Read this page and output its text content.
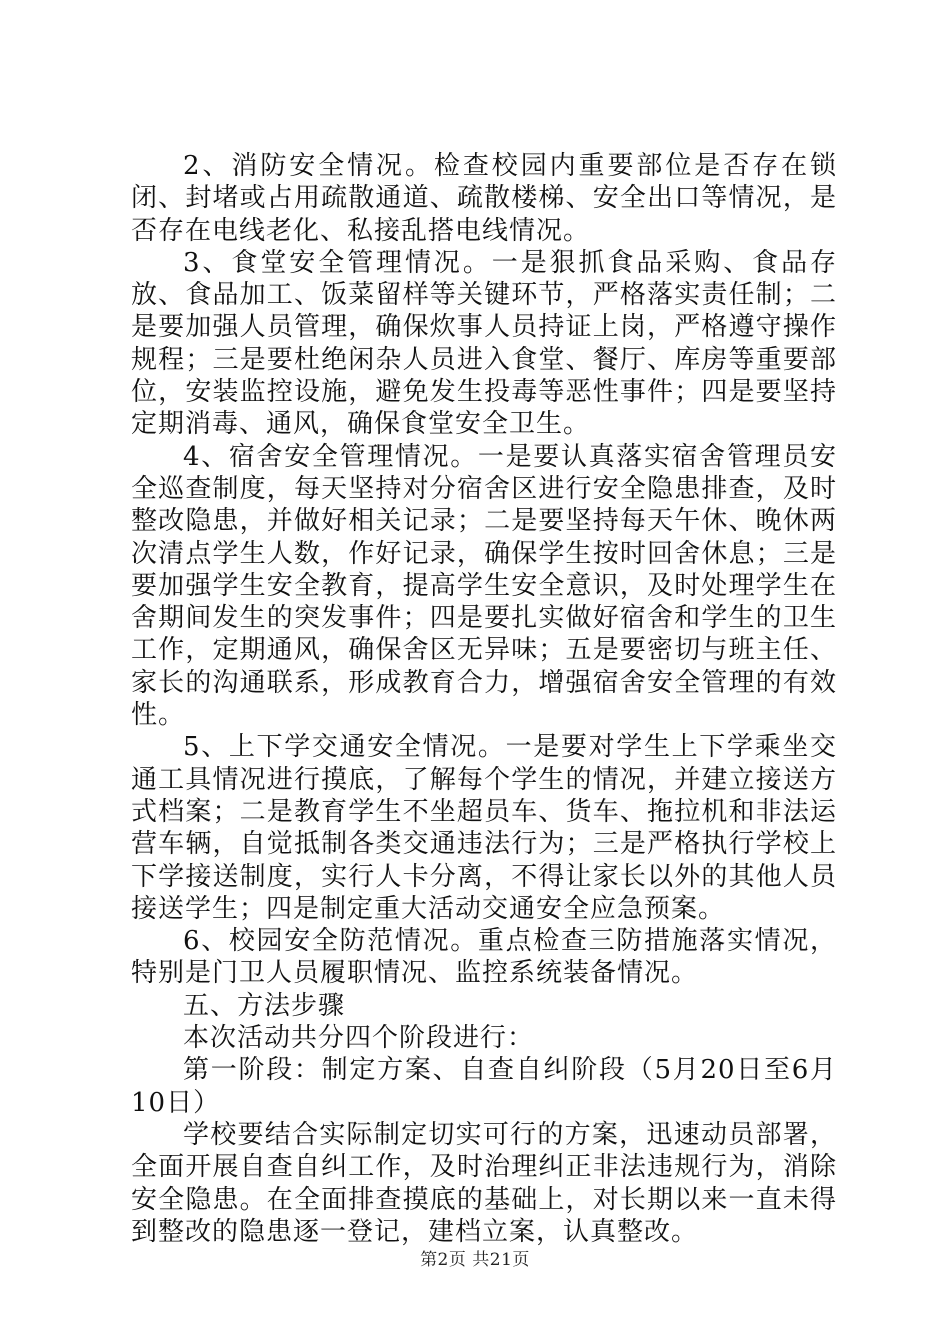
2、消防安全情况。检查校园内重要部位是否存在锁闭、封堵或占用疏散通道、疏散楼梯、安全出口等情况，是否存在电线老化、私接乱搭电线情况。

3、食堂安全管理情况。一是狠抓食品采购、食品存放、食品加工、饭菜留样等关键环节，严格落实责任制；二是要加强人员管理，确保炊事人员持证上岗，严格遵守操作规程；三是要杜绝闲杂人员进入食堂、餐厅、库房等重要部位，安装监控设施，避免发生投毒等恶性事件；四是要坚持定期消毒、通风，确保食堂安全卫生。

4、宿舍安全管理情况。一是要认真落实宿舍管理员安全巡查制度，每天坚持对分宿舍区进行安全隐患排查，及时整改隐患，并做好相关记录；二是要坚持每天午休、晚休两次清点学生人数，作好记录，确保学生按时回舍休息；三是要加强学生安全教育，提高学生安全意识，及时处理学生在舍期间发生的突发事件；四是要扎实做好宿舍和学生的卫生工作，定期通风，确保舍区无异味；五是要密切与班主任、家长的沟通联系，形成教育合力，增强宿舍安全管理的有效性。

5、上下学交通安全情况。一是要对学生上下学乘坐交通工具情况进行摸底，了解每个学生的情况，并建立接送方式档案；二是教育学生不坐超员车、货车、拖拉机和非法运营车辆，自觉抵制各类交通违法行为；三是严格执行学校上下学接送制度，实行人卡分离，不得让家长以外的其他人员接送学生；四是制定重大活动交通安全应急预案。

6、校园安全防范情况。重点检查三防措施落实情况，特别是门卫人员履职情况、监控系统装备情况。

五、方法步骤

本次活动共分四个阶段进行：

第一阶段：制定方案、自查自纠阶段（5月20日至6月10日）

学校要结合实际制定切实可行的方案，迅速动员部署，全面开展自查自纠工作，及时治理纠正非法违规行为，消除安全隐患。在全面排查摸底的基础上，对长期以来一直未得到整改的隐患逐一登记，建档立案，认真整改。

第2页 共21页
